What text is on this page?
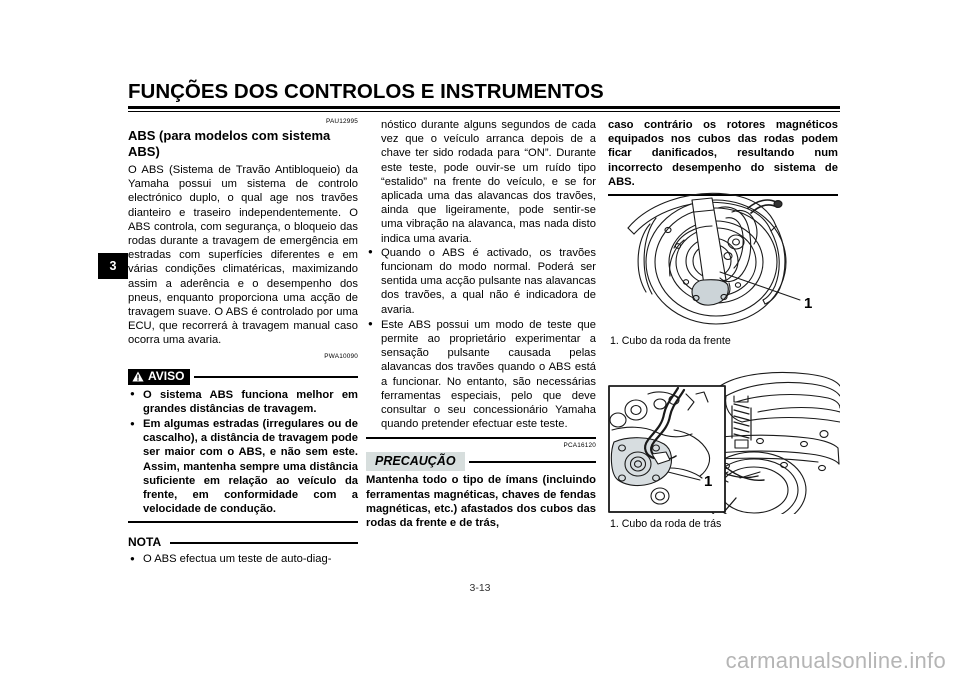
FUNÇÕES DOS CONTROLOS E INSTRUMENTOS
3
PAU12995
ABS (para modelos com sistema ABS)

O ABS (Sistema de Travão Antibloqueio) da Yamaha possui um sistema de controlo electrónico duplo, o qual age nos travões dianteiro e traseiro independentemente. O ABS controla, com segurança, o bloqueio das rodas durante a travagem de emergência em estradas com superfícies diferentes e em várias condições climatéricas, maximizando assim a aderência e o desempenho dos pneus, enquanto proporciona uma acção de travagem suave. O ABS é controlado por uma ECU, que recorrerá à travagem manual caso ocorra uma avaria.

PWA10090
AVISO
● O sistema ABS funciona melhor em grandes distâncias de travagem.
● Em algumas estradas (irregulares ou de cascalho), a distância de travagem pode ser maior com o ABS, e não sem este. Assim, mantenha sempre uma distância suficiente em relação ao veículo da frente, em conformidade com a velocidade de condução.
NOTA
● O ABS efectua um teste de auto-diag-

nóstico durante alguns segundos de cada vez que o veículo arranca depois de a chave ter sido rodada para “ON”. Durante este teste, pode ouvir-se um ruído tipo “estalido” na frente do veículo, e se for aplicada uma das alavancas dos travões, ainda que ligeiramente, pode sentir-se uma vibração na alavanca, mas nada disto indica uma avaria.

● Quando o ABS é activado, os travões funcionam do modo normal. Poderá ser sentida uma acção pulsante nas alavancas dos travões, a qual não é indicadora de avaria.
● Este ABS possui um modo de teste que permite ao proprietário experimentar a sensação pulsante causada pelas alavancas dos travões quando o ABS está a funcionar. No entanto, são necessárias ferramentas especiais, pelo que deve consultar o seu concessionário Yamaha quando pretender efectuar este teste.
PCA16120
PRECAUÇÃO

Mantenha todo o tipo de ímans (incluindo ferramentas magnéticas, chaves de fendas magnéticas, etc.) afastados dos cubos das rodas da frente e de trás,

caso contrário os rotores magnéticos equipados nos cubos das rodas podem ficar danificados, resultando num incorrecto desempenho do sistema de ABS.

1
1. Cubo da roda da frente
1
1. Cubo da roda de trás
3-13
carmanualsonline.info
